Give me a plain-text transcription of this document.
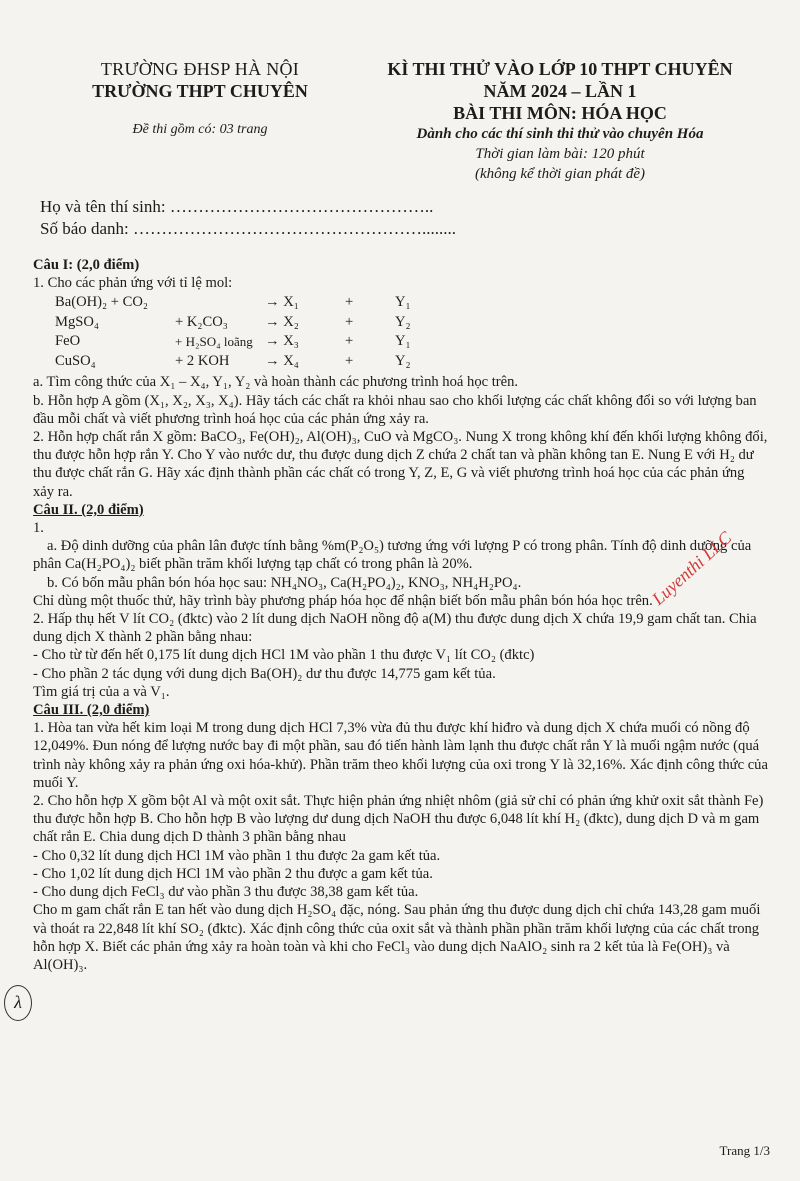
TRƯỜNG ĐHSP HÀ NỘI
TRƯỜNG THPT CHUYÊN
Đề thi gồm có: 03 trang
KÌ THI THỬ VÀO LỚP 10 THPT CHUYÊN
NĂM 2024 – LẦN 1
BÀI THI MÔN: HÓA HỌC
Dành cho các thí sinh thi thử vào chuyên Hóa
Thời gian làm bài: 120 phút
(không kể thời gian phát đề)
Họ và tên thí sinh: ………………………………………..
Số báo danh: ……………………………………………........

Câu I: (2,0 điểm)

1. Cho các phản ứng với tỉ lệ mol:

Ba(OH)₂ + CO₂	→ X₁	+	Y₁
MgSO₄	+ K₂CO₃	→ X₂	+	Y₂
FeO	+ H₂SO₄ loãng → X₃	+	Y₁
CuSO₄	+ 2 KOH	→ X₄	+	Y₂

a. Tìm công thức của X₁ – X₄, Y₁, Y₂ và hoàn thành các phương trình hoá học trên.

b. Hỗn hợp A gồm (X₁, X₂, X₃, X₄). Hãy tách các chất ra khỏi nhau sao cho khối lượng các chất không đổi so với lượng ban đầu mỗi chất và viết phương trình hoá học của các phản ứng xảy ra.

2. Hỗn hợp chất rắn X gồm: BaCO₃, Fe(OH)₂, Al(OH)₃, CuO và MgCO₃. Nung X trong không khí đến khối lượng không đổi, thu được hỗn hợp rắn Y. Cho Y vào nước dư, thu được dung dịch Z chứa 2 chất tan và phần không tan E. Nung E với H₂ dư thu được chất rắn G. Hãy xác định thành phần các chất có trong Y, Z, E, G và viết phương trình hoá học của các phản ứng xảy ra.

Câu II. (2,0 điểm)

1.

a. Độ dinh dưỡng của phân lân được tính bằng %m(P₂O₅) tương ứng với lượng P có trong phân. Tính độ dinh dưỡng của phân Ca(H₂PO₄)₂ biết phần trăm khối lượng tạp chất có trong phân là 20%.

b. Có bốn mẫu phân bón hóa học sau: NH₄NO₃, Ca(H₂PO₄)₂, KNO₃, NH₄H₂PO₄.

Chỉ dùng một thuốc thử, hãy trình bày phương pháp hóa học để nhận biết bốn mẫu phân bón hóa học trên.

2. Hấp thụ hết V lít CO₂ (đktc) vào 2 lít dung dịch NaOH nồng độ a(M) thu được dung dịch X chứa 19,9 gam chất tan. Chia dung dịch X thành 2 phần bằng nhau:

- Cho từ từ đến hết 0,175 lít dung dịch HCl 1M vào phần 1 thu được V₁ lít CO₂ (đktc)

- Cho phần 2 tác dụng với dung dịch Ba(OH)₂ dư thu được 14,775 gam kết tủa.

Tìm giá trị của a và V₁.

Câu III. (2,0 điểm)

1. Hòa tan vừa hết kim loại M trong dung dịch HCl 7,3% vừa đủ thu được khí hiđro và dung dịch X chứa muối có nồng độ 12,049%. Đun nóng để lượng nước bay đi một phần, sau đó tiến hành làm lạnh thu được chất rắn Y là muối ngậm nước (quá trình này không xảy ra phản ứng oxi hóa-khử). Phần trăm theo khối lượng của oxi trong Y là 32,16%. Xác định công thức của muối Y.

2. Cho hỗn hợp X gồm bột Al và một oxit sắt. Thực hiện phản ứng nhiệt nhôm (giả sử chỉ có phản ứng khử oxit sắt thành Fe) thu được hỗn hợp B. Cho hỗn hợp B vào lượng dư dung dịch NaOH thu được 6,048 lít khí H₂ (đktc), dung dịch D và m gam chất rắn E. Chia dung dịch D thành 3 phần bằng nhau

- Cho 0,32 lít dung dịch HCl 1M vào phần 1 thu được 2a gam kết tủa.

- Cho 1,02 lít dung dịch HCl 1M vào phần 2 thu được a gam kết tủa.

- Cho dung dịch FeCl₃ dư vào phần 3 thu được 38,38 gam kết tủa.

Cho m gam chất rắn E tan hết vào dung dịch H₂SO₄ đặc, nóng. Sau phản ứng thu được dung dịch chỉ chứa 143,28 gam muối và thoát ra 22,848 lít khí SO₂ (đktc). Xác định công thức của oxit sắt và thành phần phần trăm khối lượng của các chất trong hỗn hợp X. Biết các phản ứng xảy ra hoàn toàn và khi cho FeCl₃ vào dung dịch NaAlO₂ sinh ra 2 kết tủa là Fe(OH)₃ và Al(OH)₃.

Luyenthi LLC
λ
Trang 1/3
